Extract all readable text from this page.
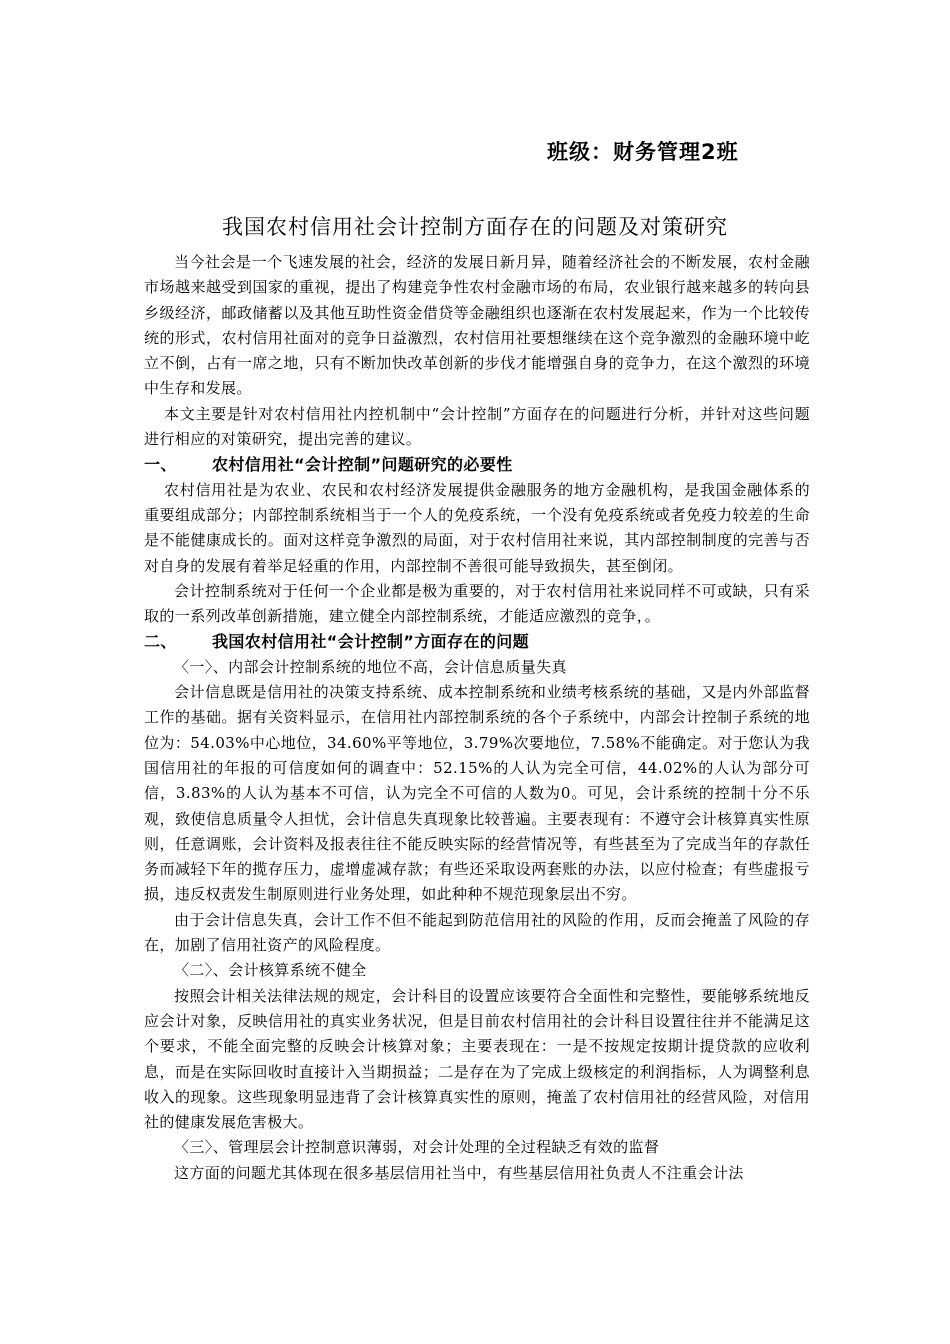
班级：财务管理2班
我国农村信用社会计控制方面存在的问题及对策研究

当今社会是一个飞速发展的社会，经济的发展日新月异，随着经济社会的不断发展，农村金融市场越来越受到国家的重视，提出了构建竞争性农村金融市场的布局，农业银行越来越多的转向县乡级经济，邮政储蓄以及其他互助性资金借贷等金融组织也逐渐在农村发展起来，作为一个比较传统的形式，农村信用社面对的竞争日益激烈，农村信用社要想继续在这个竞争激烈的金融环境中屹立不倒，占有一席之地，只有不断加快改革创新的步伐才能增强自身的竞争力，在这个激烈的环境中生存和发展。

本文主要是针对农村信用社内控机制中“会计控制”方面存在的问题进行分析，并针对这些问题进行相应的对策研究，提出完善的建议。

一、 农村信用社“会计控制”问题研究的必要性

农村信用社是为农业、农民和农村经济发展提供金融服务的地方金融机构，是我国金融体系的重要组成部分；内部控制系统相当于一个人的免疫系统，一个没有免疫系统或者免疫力较差的生命是不能健康成长的。面对这样竞争激烈的局面，对于农村信用社来说，其内部控制制度的完善与否对自身的发展有着举足轻重的作用，内部控制不善很可能导致损失，甚至倒闭。

会计控制系统对于任何一个企业都是极为重要的，对于农村信用社来说同样不可或缺，只有采取的一系列改革创新措施，建立健全内部控制系统，才能适应激烈的竞争，。

二、 我国农村信用社“会计控制”方面存在的问题

〈一〉、内部会计控制系统的地位不高，会计信息质量失真

会计信息既是信用社的决策支持系统、成本控制系统和业绩考核系统的基础，又是内外部监督工作的基础。据有关资料显示，在信用社内部控制系统的各个子系统中，内部会计控制子系统的地位为：54.03%中心地位，34.60%平等地位，3.79%次要地位，7.58%不能确定。对于您认为我国信用社的年报的可信度如何的调查中：52.15%的人认为完全可信，44.02%的人认为部分可信，3.83%的人认为基本不可信，认为完全不可信的人数为0。可见，会计系统的控制十分不乐观，致使信息质量令人担忧，会计信息失真现象比较普遍。主要表现有：不遵守会计核算真实性原则，任意调账，会计资料及报表往往不能反映实际的经营情况等，有些甚至为了完成当年的存款任务而减轻下年的揽存压力，虚增虚减存款；有些还采取设两套账的办法，以应付检查；有些虚报亏损，违反权责发生制原则进行业务处理，如此种种不规范现象层出不穷。

由于会计信息失真，会计工作不但不能起到防范信用社的风险的作用，反而会掩盖了风险的存在，加剧了信用社资产的风险程度。

〈二〉、会计核算系统不健全

按照会计相关法律法规的规定，会计科目的设置应该要符合全面性和完整性，要能够系统地反应会计对象，反映信用社的真实业务状况，但是目前农村信用社的会计科目设置往往并不能满足这个要求，不能全面完整的反映会计核算对象；主要表现在：一是不按规定按期计提贷款的应收利息，而是在实际回收时直接计入当期损益；二是存在为了完成上级核定的利润指标，人为调整利息收入的现象。这些现象明显违背了会计核算真实性的原则，掩盖了农村信用社的经营风险，对信用社的健康发展危害极大。

〈三〉、管理层会计控制意识薄弱，对会计处理的全过程缺乏有效的监督

这方面的问题尤其体现在很多基层信用社当中，有些基层信用社负责人不注重会计法
